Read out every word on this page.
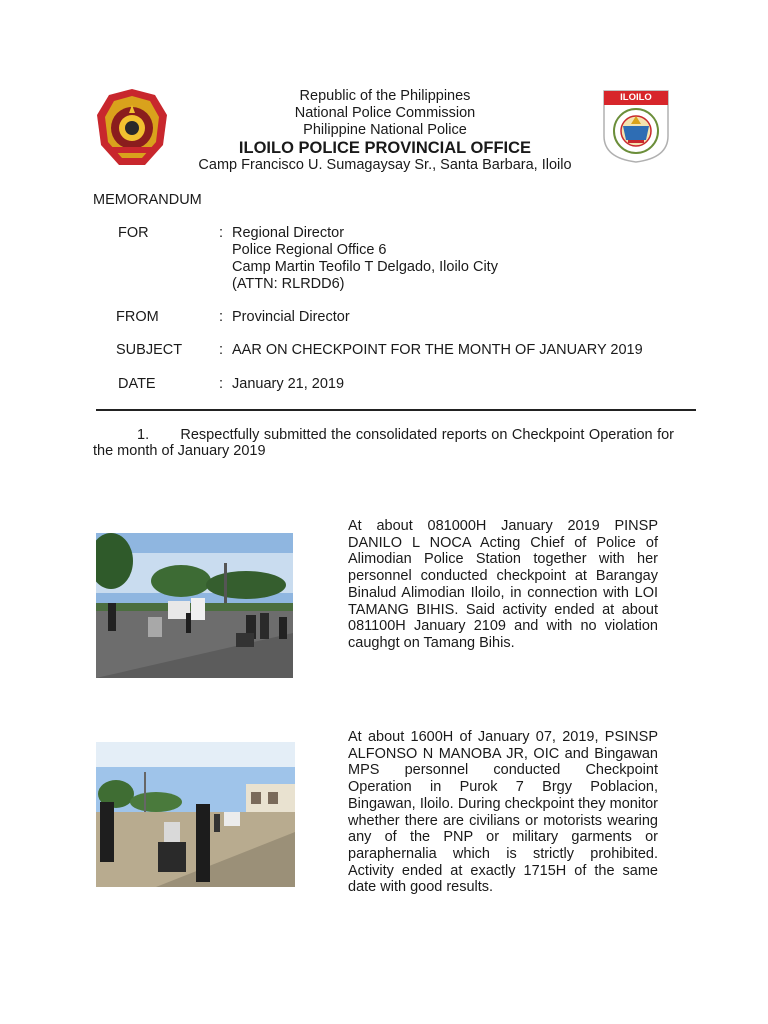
ILOILO
Republic of the Philippines
National Police Commission
Philippine National Police
ILOILO POLICE PROVINCIAL OFFICE
Camp Francisco U. Sumagaysay Sr., Santa Barbara, Iloilo
MEMORANDUM
FOR	: Regional Director
Police Regional Office 6
Camp Martin Teofilo T Delgado, Iloilo City
(ATTN: RLRDD6)
FROM	: Provincial Director
SUBJECT	: AAR ON CHECKPOINT FOR THE MONTH OF JANUARY 2019
DATE	: January 21, 2019
1.       Respectfully submitted the consolidated reports on Checkpoint Operation for the month of January 2019
At about 081000H January 2019 PINSP DANILO L NOCA Acting Chief of Police of Alimodian Police Station together with her personnel conducted checkpoint at Barangay Binalud Alimodian Iloilo, in connection with LOI TAMANG BIHIS. Said activity ended at about 081100H January 2109 and with no violation caughgt on Tamang Bihis.
At about 1600H of January 07, 2019, PSINSP ALFONSO N MANOBA JR, OIC and Bingawan MPS personnel conducted Checkpoint Operation in Purok 7 Brgy Poblacion, Bingawan, Iloilo. During checkpoint they monitor whether there are civilians or motorists wearing any of the PNP or military garments or paraphernalia which is strictly prohibited. Activity ended at exactly 1715H of the same date with good results.
